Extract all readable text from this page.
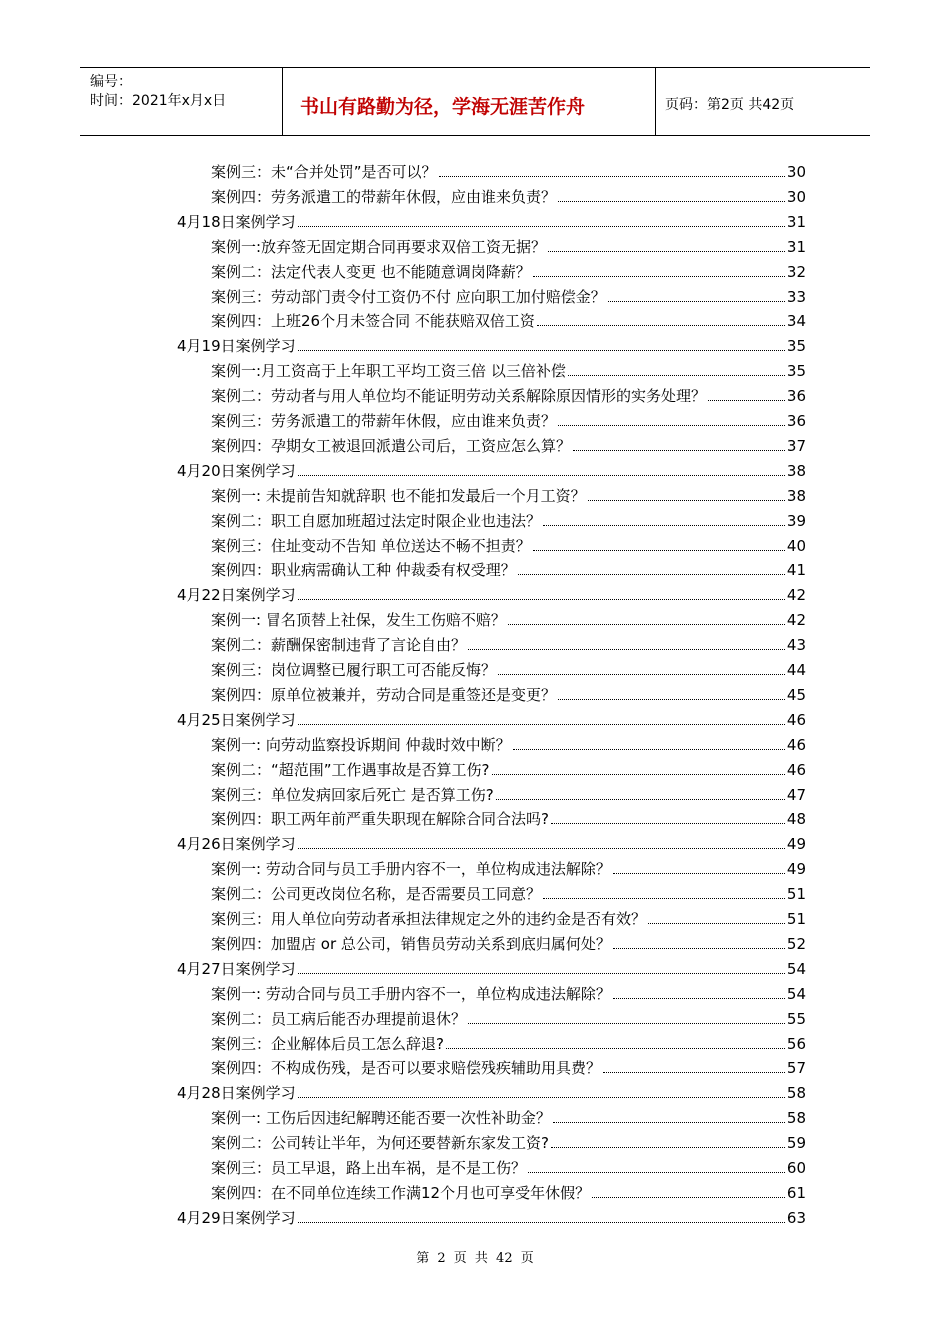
编号：
时间：2021年x月x日	书山有路勤为径，学海无涯苦作舟	页码：第2页 共42页
案例三：未“合并处罚”是否可以？	30
案例四：劳务派遣工的带薪年休假，应由谁来负责？	30
4月18日案例学习	31
案例一:放弃签无固定期合同再要求双倍工资无据？	31
案例二：法定代表人变更 也不能随意调岗降薪？	32
案例三：劳动部门责令付工资仍不付 应向职工加付赔偿金？	33
案例四：上班26个月未签合同 不能获赔双倍工资	34
4月19日案例学习	35
案例一:月工资高于上年职工平均工资三倍 以三倍补偿	35
案例二：劳动者与用人单位均不能证明劳动关系解除原因情形的实务处理？	36
案例三：劳务派遣工的带薪年休假，应由谁来负责？	36
案例四：孕期女工被退回派遣公司后，工资应怎么算？	37
4月20日案例学习	38
案例一: 未提前告知就辞职 也不能扣发最后一个月工资？	38
案例二：职工自愿加班超过法定时限企业也违法？	39
案例三：住址变动不告知 单位送达不畅不担责？	40
案例四：职业病需确认工种 仲裁委有权受理？	41
4月22日案例学习	42
案例一: 冒名顶替上社保，发生工伤赔不赔？	42
案例二：薪酬保密制违背了言论自由？	43
案例三：岗位调整已履行职工可否能反悔？	44
案例四：原单位被兼并，劳动合同是重签还是变更？	45
4月25日案例学习	46
案例一: 向劳动监察投诉期间 仲裁时效中断？	46
案例二：“超范围”工作遇事故是否算工伤?	46
案例三：单位发病回家后死亡 是否算工伤?	47
案例四：职工两年前严重失职现在解除合同合法吗?	48
4月26日案例学习	49
案例一: 劳动合同与员工手册内容不一，单位构成违法解除？	49
案例二：公司更改岗位名称，是否需要员工同意？	51
案例三：用人单位向劳动者承担法律规定之外的违约金是否有效？	51
案例四：加盟店 or 总公司，销售员劳动关系到底归属何处？	52
4月27日案例学习	54
案例一: 劳动合同与员工手册内容不一，单位构成违法解除？	54
案例二：员工病后能否办理提前退休？	55
案例三：企业解体后员工怎么辞退?	56
案例四：不构成伤残，是否可以要求赔偿残疾辅助用具费？	57
4月28日案例学习	58
案例一: 工伤后因违纪解聘还能否要一次性补助金？	58
案例二：公司转让半年，为何还要替新东家发工资?	59
案例三：员工早退，路上出车祸，是不是工伤？	60
案例四：在不同单位连续工作满12个月也可享受年休假？	61
4月29日案例学习	63
第 2 页 共 42 页
